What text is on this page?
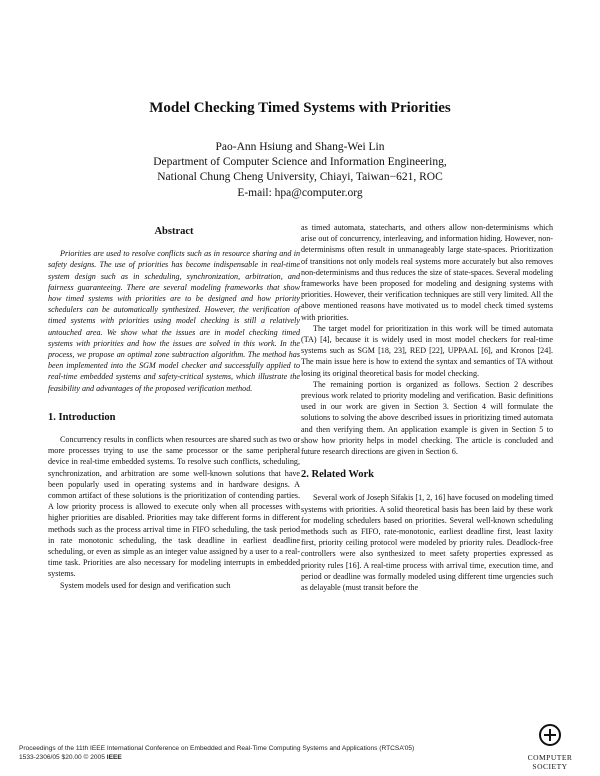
Model Checking Timed Systems with Priorities
Pao-Ann Hsiung and Shang-Wei Lin
Department of Computer Science and Information Engineering,
National Chung Cheng University, Chiayi, Taiwan−621, ROC
E-mail: hpa@computer.org
Abstract

Priorities are used to resolve conflicts such as in resource sharing and in safety designs. The use of priorities has become indispensable in real-time system design such as in scheduling, synchronization, arbitration, and fairness guaranteeing. There are several modeling frameworks that show how timed systems with priorities are to be designed and how priority schedulers can be automatically synthesized. However, the verification of timed systems with priorities using model checking is still a relatively untouched area. We show what the issues are in model checking timed systems with priorities and how the issues are solved in this work. In the process, we propose an optimal zone subtraction algorithm. The method has been implemented into the SGM model checker and successfully applied to real-time embedded systems and safety-critical systems, which illustrate the feasibility and advantages of the proposed verification method.

1. Introduction

Concurrency results in conflicts when resources are shared such as two or more processes trying to use the same processor or the same peripheral device in real-time embedded systems. To resolve such conflicts, scheduling, synchronization, and arbitration are some well-known solutions that have been popularly used in operating systems and in hardware designs. A common artifact of these solutions is the prioritization of contending parties. A low priority process is allowed to execute only when all processes with higher priorities are disabled. Priorities may take different forms in different methods such as the process arrival time in FIFO scheduling, the task period in rate monotonic scheduling, the task deadline in earliest deadline scheduling, or even as simple as an integer value assigned by a user to a real-time task. Priorities are also necessary for modeling interrupts in embedded systems.

System models used for design and verification such

as timed automata, statecharts, and others allow non-determinisms which arise out of concurrency, interleaving, and information hiding. However, non-determinisms often result in unmanageably large state-spaces. Prioritization of transitions not only models real systems more accurately but also removes non-determinisms and thus reduces the size of state-spaces. Several modeling frameworks have been proposed for modeling and designing systems with priorities. However, their verification techniques are still very limited. All the above mentioned reasons have motivated us to model check timed systems with priorities.

The target model for prioritization in this work will be timed automata (TA) [4], because it is widely used in most model checkers for real-time systems such as SGM [18, 23], RED [22], UPPAAL [6], and Kronos [24]. The main issue here is how to extend the syntax and semantics of TA without losing its original theoretical basis for model checking.

The remaining portion is organized as follows. Section 2 describes previous work related to priority modeling and verification. Basic definitions used in our work are given in Section 3. Section 4 will formulate the solutions to solving the above described issues in prioritizing timed automata and then verifying them. An application example is given in Section 5 to show how priority helps in model checking. The article is concluded and future research directions are given in Section 6.

2. Related Work

Several work of Joseph Sifakis [1, 2, 16] have focused on modeling timed systems with priorities. A solid theoretical basis has been laid by these work for modeling schedulers based on priorities. Several well-known scheduling methods such as FIFO, rate-monotonic, earliest deadline first, least laxity first, priority ceiling protocol were modeled by priority rules. Deadlock-free controllers were also synthesized to meet safety properties expressed as priority rules [16]. A real-time process with arrival time, execution time, and period or deadline was formally modeled using different time urgencies such as delayable (must transit before the

Proceedings of the 11th IEEE International Conference on Embedded and Real-Time Computing Systems and Applications (RTCSA’05)
1533-2306/05 $20.00 © 2005 IEEE	COMPUTER
SOCIETY
